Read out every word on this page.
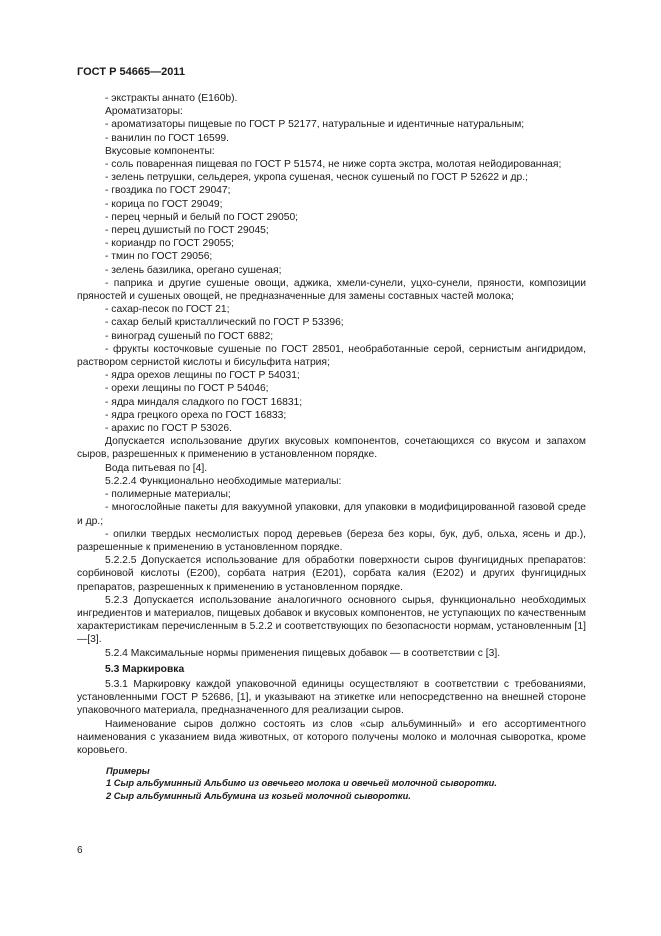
ГОСТ Р 54665—2011

- экстракты аннато (Е160b).

Ароматизаторы:

- ароматизаторы пищевые по ГОСТ Р 52177, натуральные и идентичные натуральным;

- ванилин по ГОСТ 16599.

Вкусовые компоненты:

- соль поваренная пищевая по ГОСТ Р 51574, не ниже сорта экстра, молотая нейодированная;

- зелень петрушки, сельдерея, укропа сушеная, чеснок сушеный по ГОСТ Р 52622 и др.;

- гвоздика по ГОСТ 29047;

- корица по ГОСТ 29049;

- перец черный и белый по ГОСТ 29050;

- перец душистый по ГОСТ 29045;

- кориандр по ГОСТ 29055;

- тмин по ГОСТ 29056;

- зелень базилика, орегано сушеная;

- паприка и другие сушеные овощи, аджика, хмели-сунели, уцхо-сунели, пряности, композиции пряностей и сушеных овощей, не предназначенные для замены составных частей молока;

- сахар-песок по ГОСТ 21;

- сахар белый кристаллический по ГОСТ Р 53396;

- виноград сушеный по ГОСТ 6882;

- фрукты косточковые сушеные по ГОСТ 28501, необработанные серой, сернистым ангидридом, раствором сернистой кислоты и бисульфита натрия;

- ядра орехов лещины по ГОСТ Р 54031;

- орехи лещины по ГОСТ Р 54046;

- ядра миндаля сладкого по ГОСТ 16831;

- ядра грецкого ореха по ГОСТ 16833;

- арахис по ГОСТ Р 53026.

Допускается использование других вкусовых компонентов, сочетающихся со вкусом и запахом сыров, разрешенных к применению в установленном порядке.

Вода питьевая по [4].

5.2.2.4 Функционально необходимые материалы:

- полимерные материалы;

- многослойные пакеты для вакуумной упаковки, для упаковки в модифицированной газовой среде и др.;

- опилки твердых несмолистых пород деревьев (береза без коры, бук, дуб, ольха, ясень и др.), разрешенные к применению в установленном порядке.

5.2.2.5 Допускается использование для обработки поверхности сыров фунгицидных препаратов: сорбиновой кислоты (Е200), сорбата натрия (Е201), сорбата калия (Е202) и других фунгицидных препаратов, разрешенных к применению в установленном порядке.

5.2.3 Допускается использование аналогичного основного сырья, функционально необходимых ингредиентов и материалов, пищевых добавок и вкусовых компонентов, не уступающих по качественным характеристикам перечисленным в 5.2.2 и соответствующих по безопасности нормам, установленным [1]—[3].

5.2.4 Максимальные нормы применения пищевых добавок — в соответствии с [3].

5.3 Маркировка

5.3.1 Маркировку каждой упаковочной единицы осуществляют в соответствии с требованиями, установленными ГОСТ Р 52686, [1], и указывают на этикетке или непосредственно на внешней стороне упаковочного материала, предназначенного для реализации сыров.

Наименование сыров должно состоять из слов «сыр альбуминный» и его ассортиментного наименования с указанием вида животных, от которого получены молоко и молочная сыворотка, кроме коровьего.

Примеры

1 Сыр альбуминный Альбимо из овечьего молока и овечьей молочной сыворотки.

2 Сыр альбуминный Альбумина из козьей молочной сыворотки.

6
